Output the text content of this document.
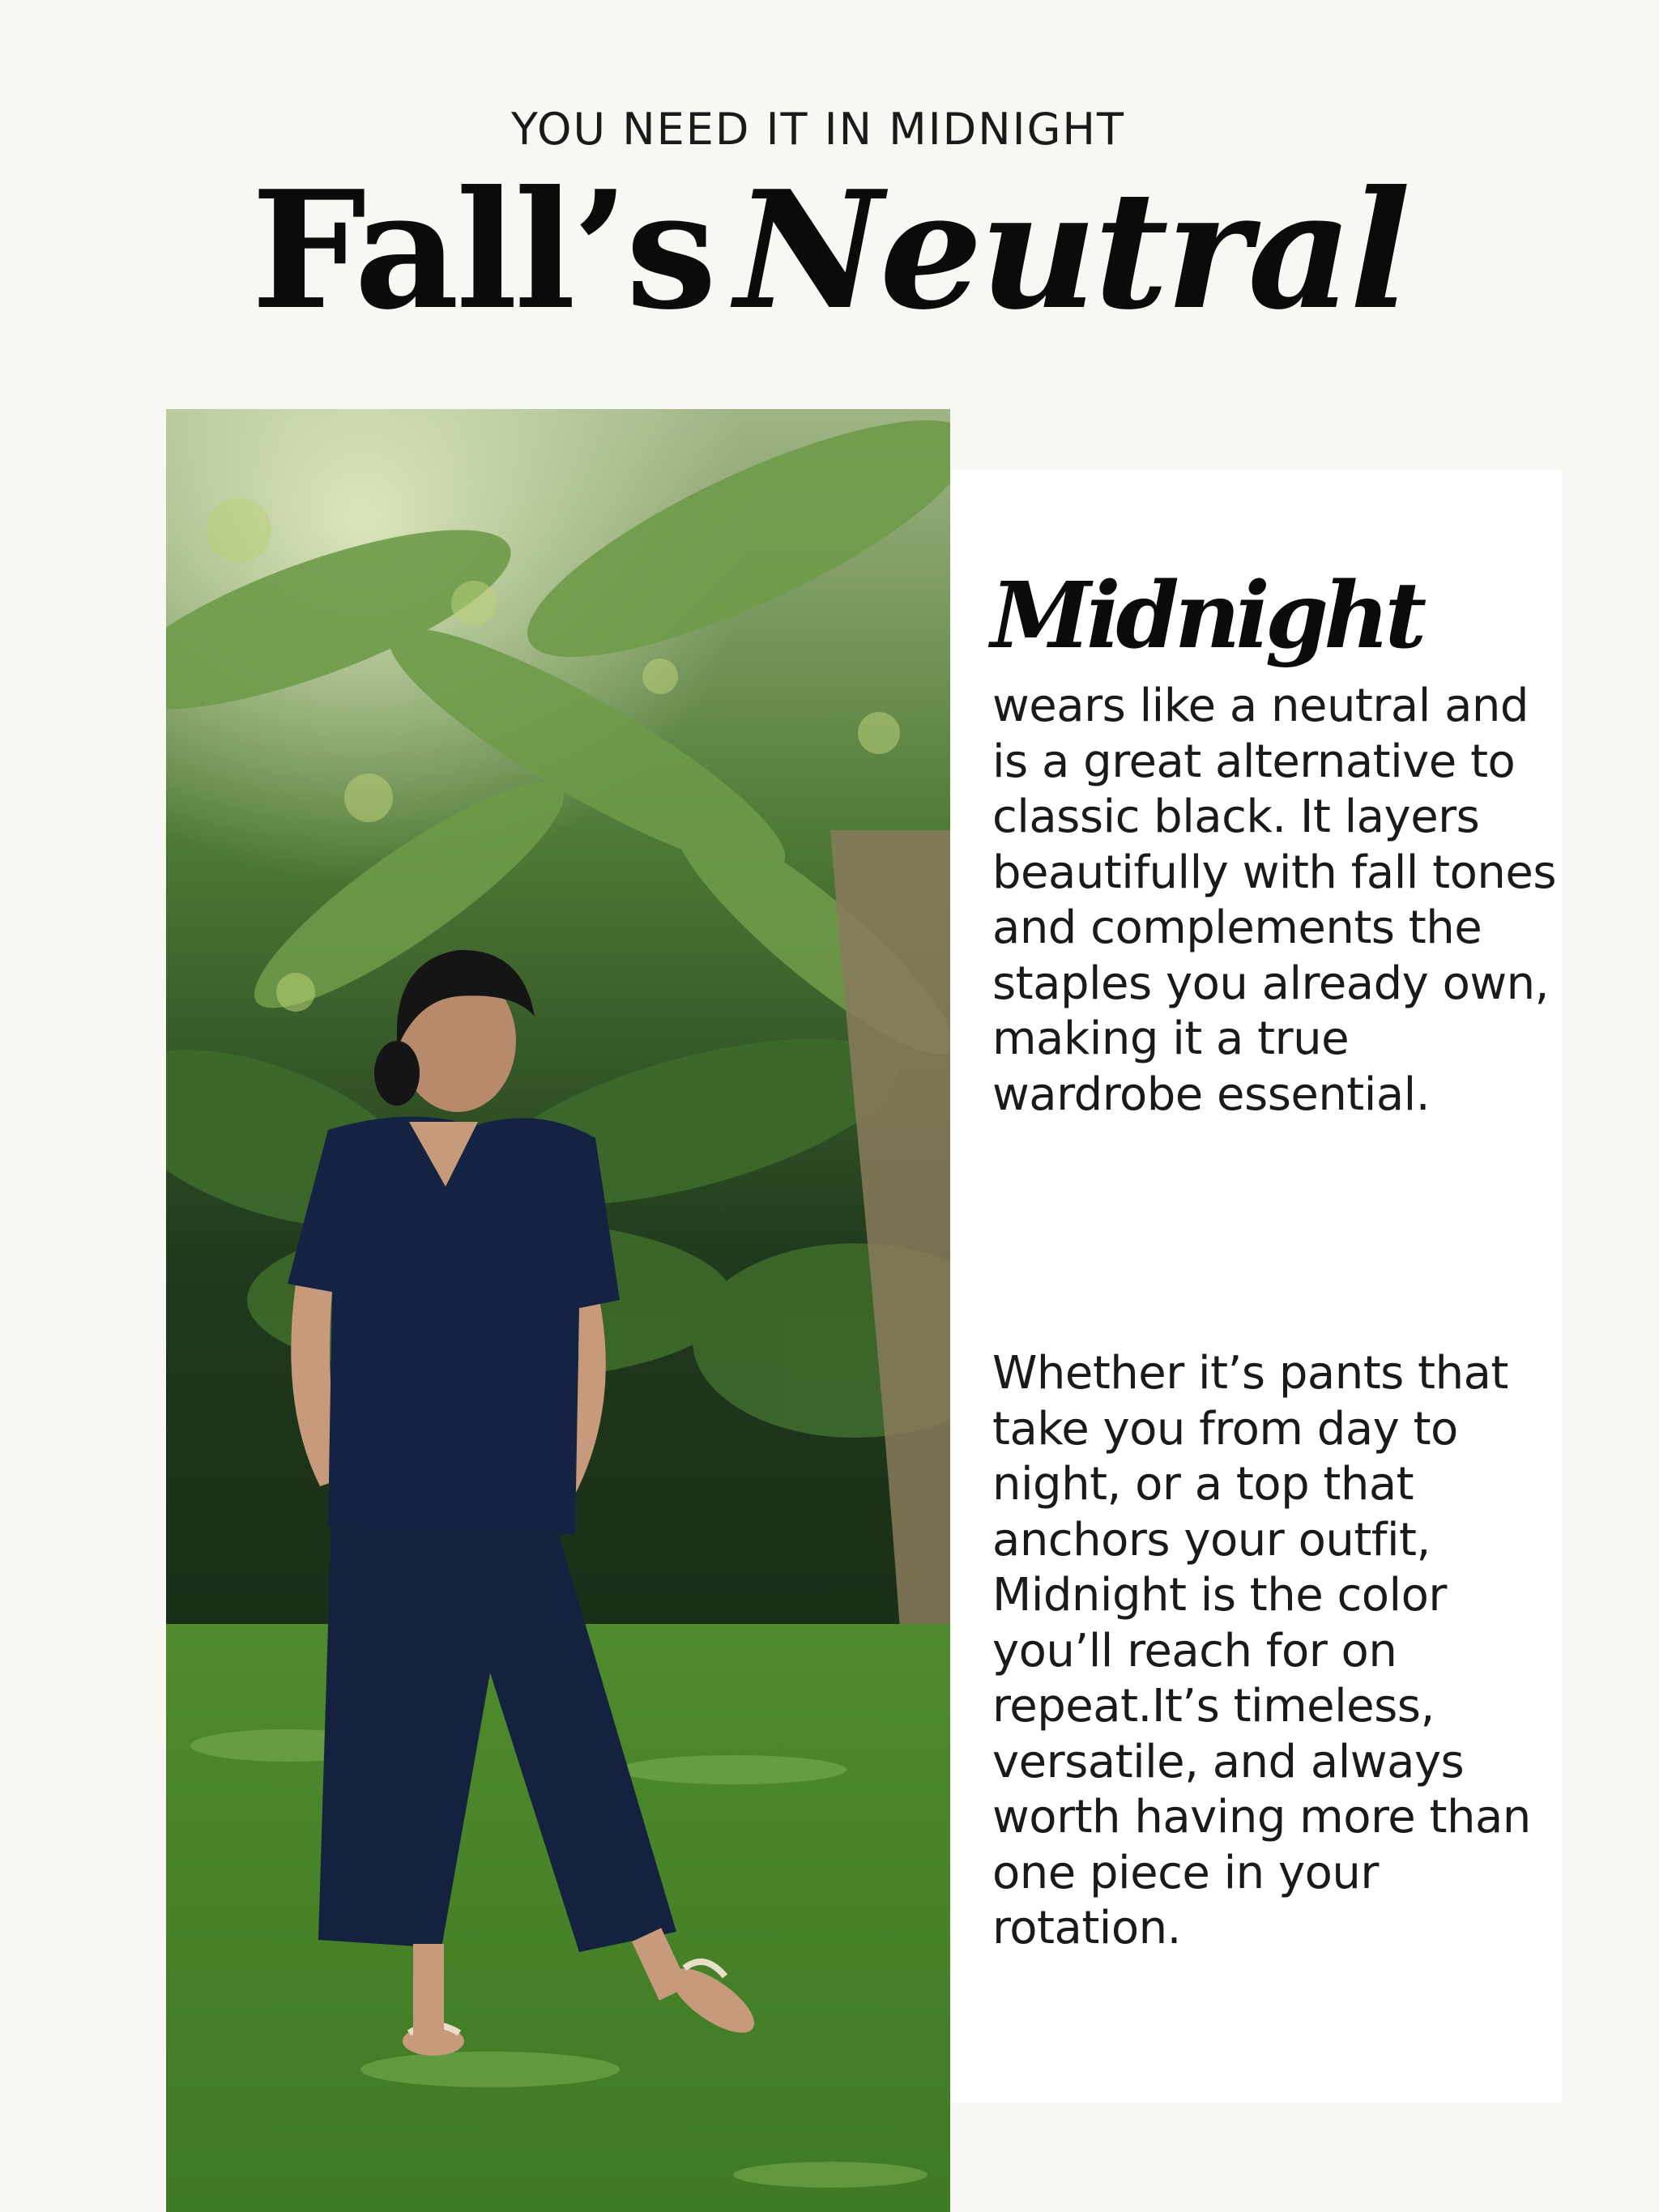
YOU NEED IT IN MIDNIGHT
Fall’s Neutral
Midnight

wears like a neutral and is a great alternative to classic black. It layers beautifully with fall tones and complements the staples you already own, making it a true wardrobe essential.

Whether it’s pants that take you from day to night, or a top that anchors your outfit, Midnight is the color you’ll reach for on repeat.It’s timeless, versatile, and always worth having more than one piece in your rotation.
